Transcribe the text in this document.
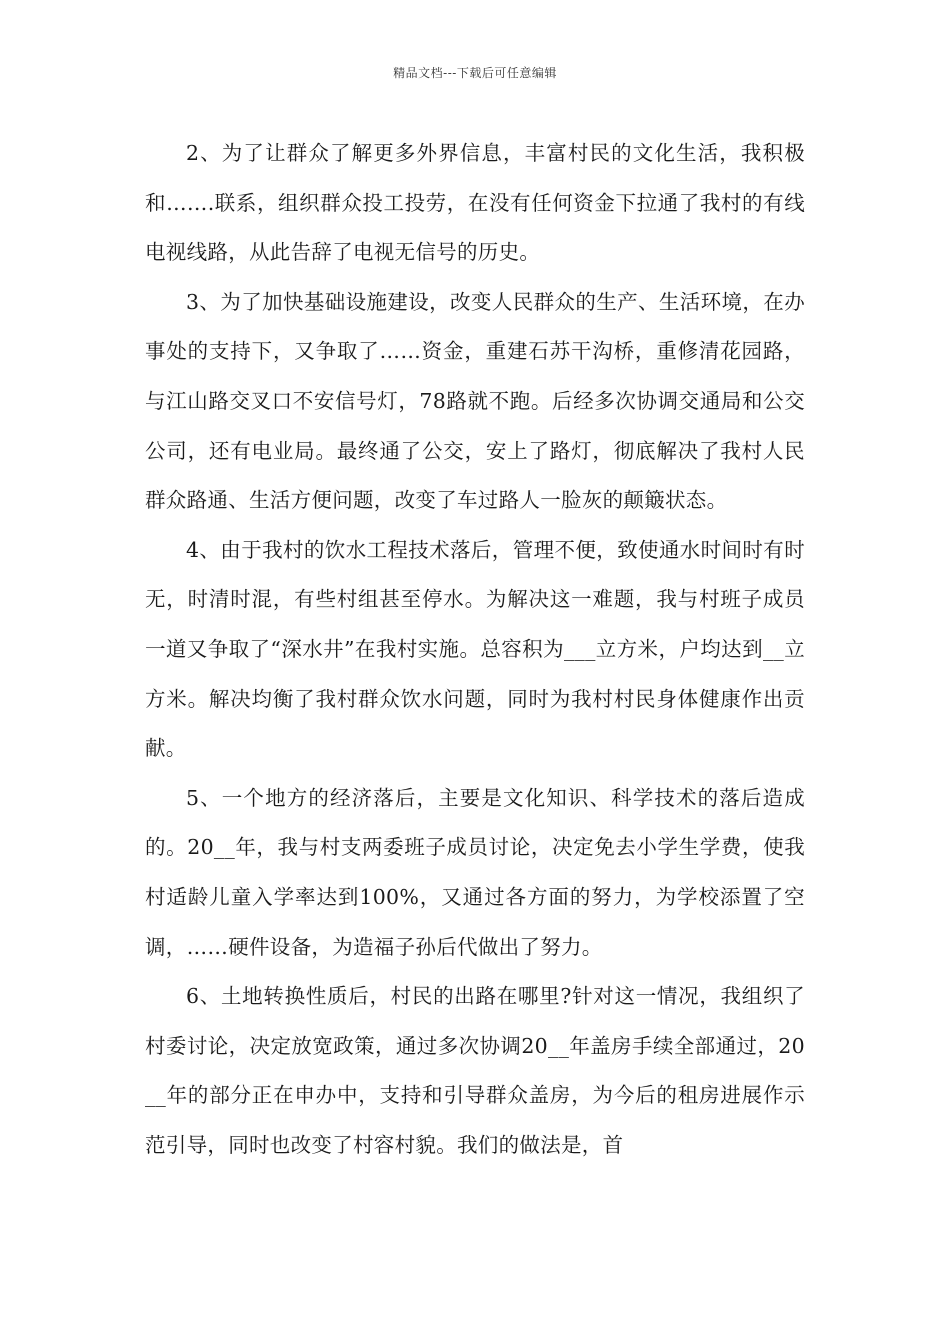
精品文档---下载后可任意编辑

2、为了让群众了解更多外界信息，丰富村民的文化生活，我积极和…….联系，组织群众投工投劳，在没有任何资金下拉通了我村的有线电视线路，从此告辞了电视无信号的历史。

3、为了加快基础设施建设，改变人民群众的生产、生活环境，在办事处的支持下，又争取了……资金，重建石苏干沟桥，重修清花园路，与江山路交叉口不安信号灯，78路就不跑。后经多次协调交通局和公交公司，还有电业局。最终通了公交，安上了路灯，彻底解决了我村人民群众路通、生活方便问题，改变了车过路人一脸灰的颠簸状态。

4、由于我村的饮水工程技术落后，管理不便，致使通水时间时有时无，时清时混，有些村组甚至停水。为解决这一难题，我与村班子成员一道又争取了“深水井”在我村实施。总容积为___立方米，户均达到__立方米。解决均衡了我村群众饮水问题，同时为我村村民身体健康作出贡献。

5、一个地方的经济落后，主要是文化知识、科学技术的落后造成的。20__年，我与村支两委班子成员讨论，决定免去小学生学费，使我村适龄儿童入学率达到100%，又通过各方面的努力，为学校添置了空调，……硬件设备，为造福子孙后代做出了努力。

6、土地转换性质后，村民的出路在哪里?针对这一情况，我组织了村委讨论，决定放宽政策，通过多次协调20__年盖房手续全部通过，20__年的部分正在申办中，支持和引导群众盖房，为今后的租房进展作示范引导，同时也改变了村容村貌。我们的做法是，首
